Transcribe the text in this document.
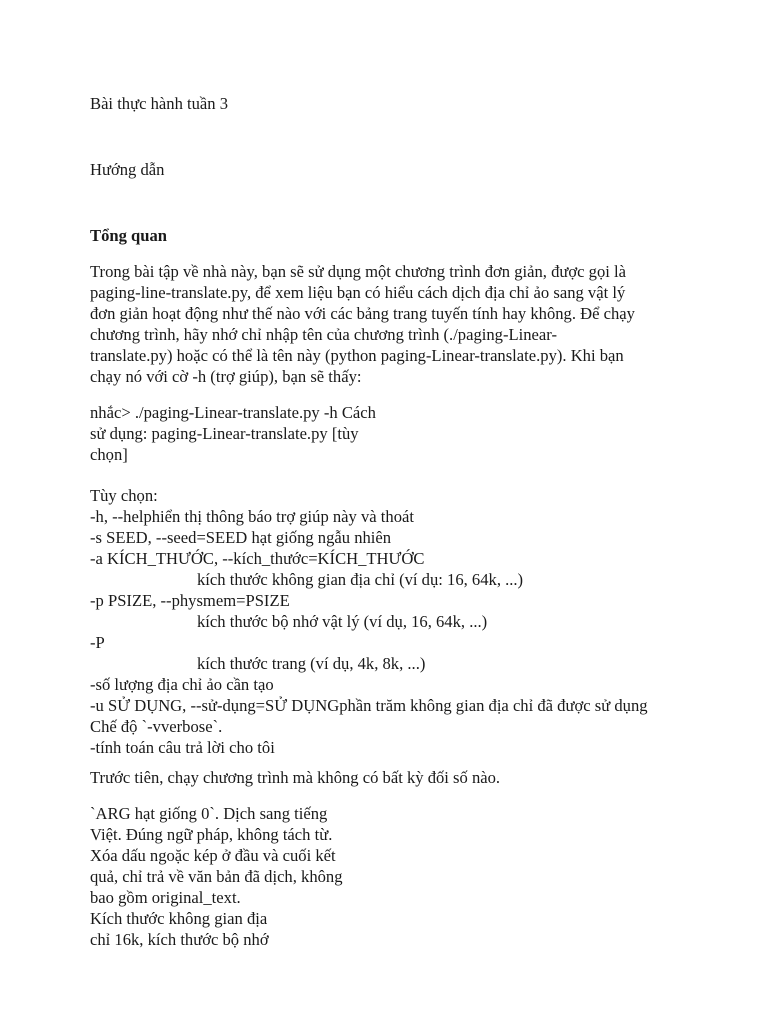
Bài thực hành tuần 3
Hướng dẫn
Tổng quan
Trong bài tập về nhà này, bạn sẽ sử dụng một chương trình đơn giản, được gọi là
paging-line-translate.py, để xem liệu bạn có hiểu cách dịch địa chỉ ảo sang vật lý
đơn giản hoạt động như thế nào với các bảng trang tuyến tính hay không. Để chạy
chương trình, hãy nhớ chỉ nhập tên của chương trình (./paging-Linear-
translate.py) hoặc có thể là tên này (python paging-Linear-translate.py). Khi bạn
chạy nó với cờ -h (trợ giúp), bạn sẽ thấy:
nhắc> ./paging-Linear-translate.py -h Cách
sử dụng: paging-Linear-translate.py [tùy
chọn]
Tùy chọn:
-h, --helphiển thị thông báo trợ giúp này và thoát
-s SEED, --seed=SEED hạt giống ngẫu nhiên
-a KÍCH_THƯỚC, --kích_thước=KÍCH_THƯỚC
kích thước không gian địa chỉ (ví dụ: 16, 64k, ...)
-p PSIZE, --physmem=PSIZE
kích thước bộ nhớ vật lý (ví dụ, 16, 64k, ...)
-P
kích thước trang (ví dụ, 4k, 8k, ...)
-số lượng địa chỉ ảo cần tạo
-u SỬ DỤNG, --sử-dụng=SỬ DỤNGphần trăm không gian địa chỉ đã được sử dụng
Chế độ `-vverbose`.
-tính toán câu trả lời cho tôi
Trước tiên, chạy chương trình mà không có bất kỳ đối số nào.
`ARG hạt giống 0`. Dịch sang tiếng
Việt. Đúng ngữ pháp, không tách từ.
Xóa dấu ngoặc kép ở đầu và cuối kết
quả, chỉ trả về văn bản đã dịch, không
bao gồm original_text.
Kích thước không gian địa
chỉ 16k, kích thước bộ nhớ
